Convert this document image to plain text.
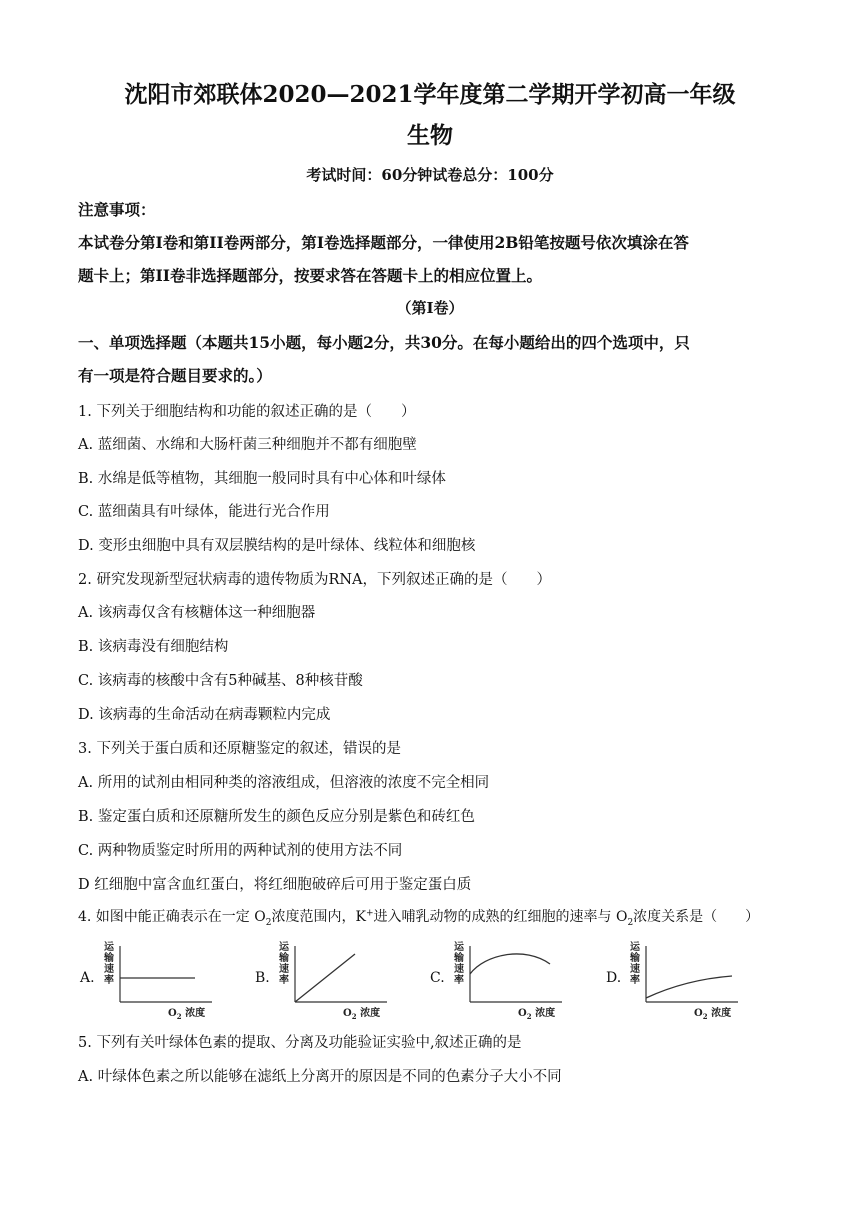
沈阳市郊联体2020—2021学年度第二学期开学初高一年级
生物
考试时间：60分钟试卷总分：100分
注意事项：
本试卷分第I卷和第II卷两部分，第I卷选择题部分，一律使用2B铅笔按题号依次填涂在答
题卡上；第II卷非选择题部分，按要求答在答题卡上的相应位置上。
（第I卷）
一、单项选择题（本题共15小题，每小题2分，共30分。在每小题给出的四个选项中，只
有一项是符合题目要求的。）
1. 下列关于细胞结构和功能的叙述正确的是（　　）
A. 蓝细菌、水绵和大肠杆菌三种细胞并不都有细胞壁
B. 水绵是低等植物，其细胞一般同时具有中心体和叶绿体
C. 蓝细菌具有叶绿体，能进行光合作用
D. 变形虫细胞中具有双层膜结构的是叶绿体、线粒体和细胞核
2. 研究发现新型冠状病毒的遗传物质为RNA，下列叙述正确的是（　　）
A. 该病毒仅含有核糖体这一种细胞器
B. 该病毒没有细胞结构
C. 该病毒的核酸中含有5种碱基、8种核苷酸
D. 该病毒的生命活动在病毒颗粒内完成
3. 下列关于蛋白质和还原糖鉴定的叙述，错误的是
A. 所用的试剂由相同种类的溶液组成，但溶液的浓度不完全相同
B. 鉴定蛋白质和还原糖所发生的颜色反应分别是紫色和砖红色
C. 两种物质鉴定时所用的两种试剂的使用方法不同
D 红细胞中富含血红蛋白，将红细胞破碎后可用于鉴定蛋白质
4. 如图中能正确表示在一定 $O_2$浓度范围内，K+进入哺乳动物的成熟的红细胞的速率与 $O_2$浓度关系是（　　）
A.	B.	C.	D.
运输速率
$O_2$ 浓度
运输速率
$O_2$ 浓度
运输速率
$O_2$ 浓度
运输速率
$O_2$ 浓度
5. 下列有关叶绿体色素的提取、分离及功能验证实验中,叙述正确的是
A. 叶绿体色素之所以能够在滤纸上分离开的原因是不同的色素分子大小不同
